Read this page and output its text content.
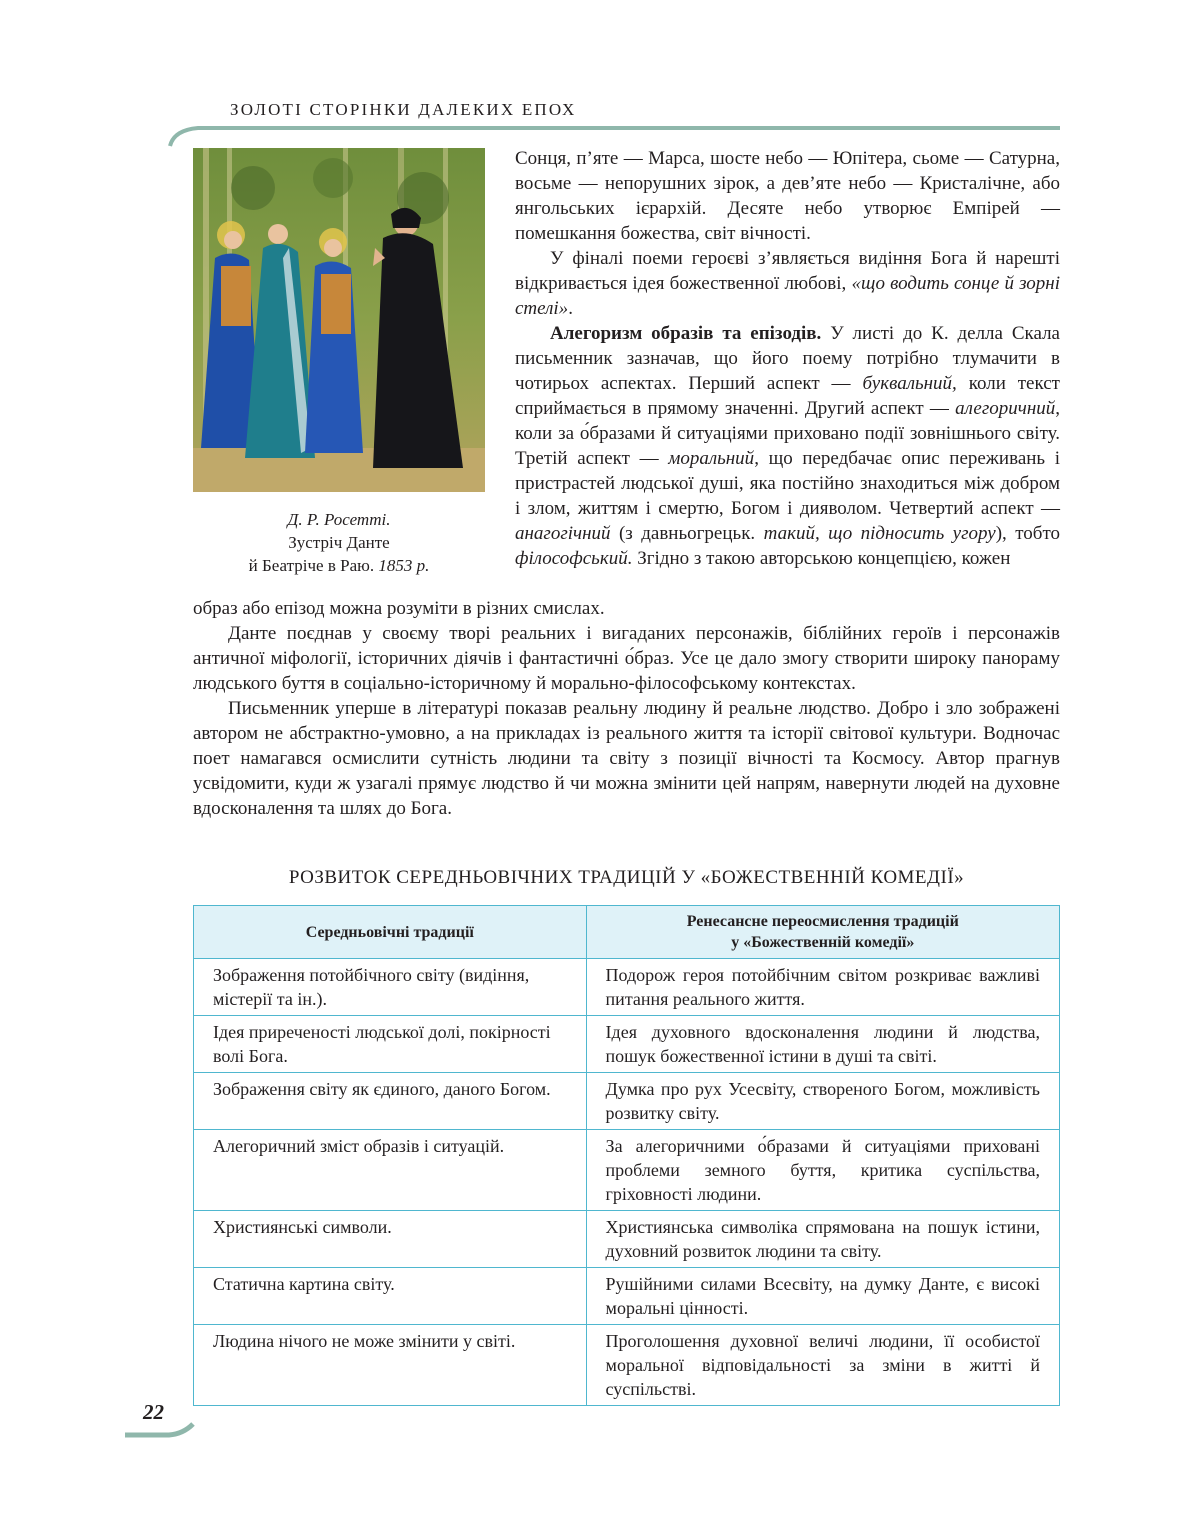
ЗОЛОТІ СТОРІНКИ ДАЛЕКИХ ЕПОХ
Д. Р. Росетті.
Зустріч Данте
й Беатріче в Раю. 1853 р.

Сонця, п’яте — Марса, шосте небо — Юпітера, сьоме — Сатурна, восьме — непорушних зірок, а дев’яте небо — Кристалічне, або янгольських ієрархій. Десяте небо утворює Емпірей — помешкання божества, світ вічності.

У фіналі поеми героєві з’являється видіння Бога й нарешті відкривається ідея божественної любові, «що водить сонце й зорні стелі».

Алегоризм образів та епізодів. У листі до К. делла Скала письменник зазначав, що його поему потрібно тлумачити в чотирьох аспектах. Перший аспект — буквальний, коли текст сприймається в прямому значенні. Другий аспект — алегоричний, коли за о́бразами й ситуаціями приховано події зовнішнього світу. Третій аспект — моральний, що передбачає опис переживань і пристрастей людської душі, яка постійно знаходиться між добром і злом, життям і смертю, Богом і дияволом. Четвертий аспект — анагогічний (з давньогрецьк. такий, що підносить угору), тобто філософський. Згідно з такою авторською концепцією, кожен

образ або епізод можна розуміти в різних смислах.

Данте поєднав у своєму творі реальних і вигаданих персонажів, біблійних героїв і персонажів античної міфології, історичних діячів і фантастичні о́браз. Усе це дало змогу створити широку панораму людського буття в соціально-історичному й морально-філософському контекстах.

Письменник уперше в літературі показав реальну людину й реальне людство. Добро і зло зображені автором не абстрактно-умовно, а на прикладах із реального життя та історії світової культури. Водночас поет намагався осмислити сутність людини та світу з позиції вічності та Космосу. Автор прагнув усвідомити, куди ж узагалі прямує людство й чи можна змінити цей напрям, навернути людей на духовне вдосконалення та шлях до Бога.

РОЗВИТОК СЕРЕДНЬОВІЧНИХ ТРАДИЦІЙ У «БОЖЕСТВЕННІЙ КОМЕДІЇ»
Середньовічні традиції	Ренесансне переосмислення традицій
у «Божественній комедії»
Зображення потойбічного світу (видіння, містерії та ін.).	Подорож героя потойбічним світом розкриває важливі питання реального життя.
Ідея приреченості людської долі, покірності волі Бога.	Ідея духовного вдосконалення людини й людства, пошук божественної істини в душі та світі.
Зображення світу як єдиного, даного Богом.	Думка про рух Усесвіту, створеного Богом, можливість розвитку світу.
Алегоричний зміст образів і ситуацій.	За алегоричними о́бразами й ситуаціями приховані проблеми земного буття, критика суспільства, гріховності людини.
Християнські символи.	Християнська символіка спрямована на пошук істини, духовний розвиток людини та світу.
Статична картина світу.	Рушійними силами Всесвіту, на думку Данте, є високі моральні цінності.
Людина нічого не може змінити у світі.	Проголошення духовної величі людини, її особистої моральної відповідальності за зміни в житті й суспільстві.
22
